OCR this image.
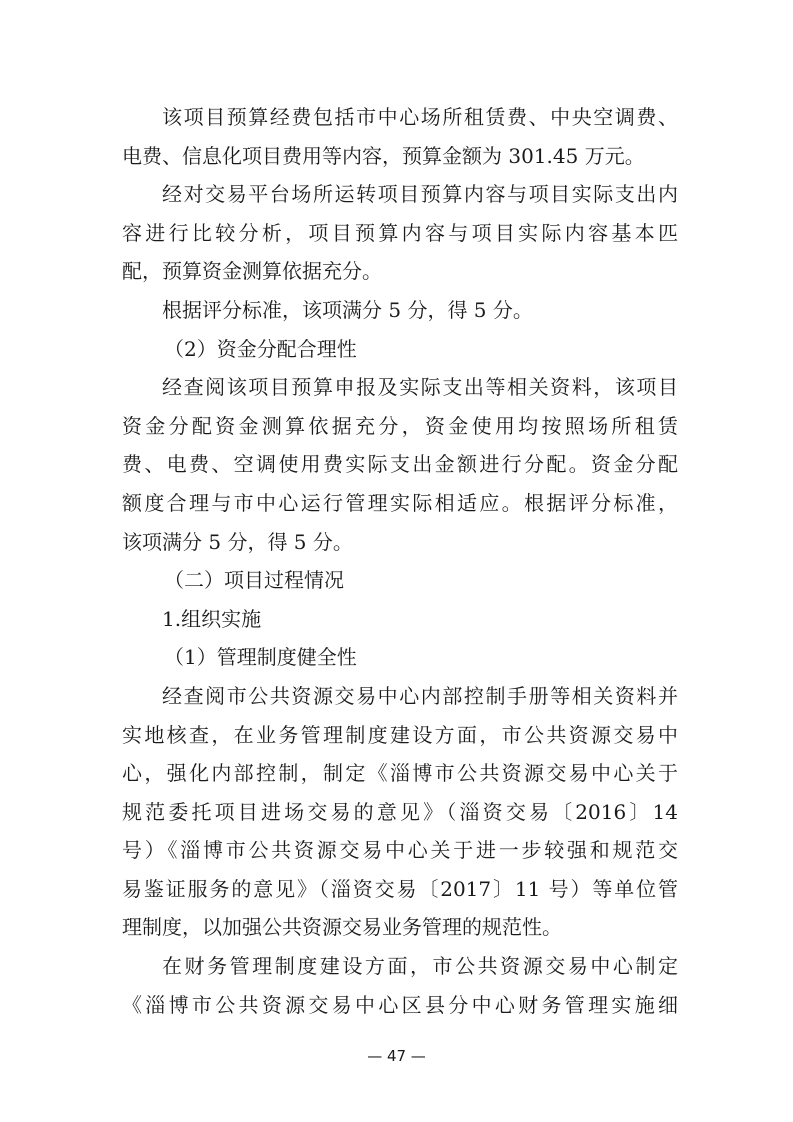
该项目预算经费包括市中心场所租赁费、中央空调费、
电费、信息化项目费用等内容，预算金额为 301.45 万元。
经对交易平台场所运转项目预算内容与项目实际支出内
容进行比较分析，项目预算内容与项目实际内容基本匹
配，预算资金测算依据充分。
根据评分标准，该项满分 5 分，得 5 分。
（2）资金分配合理性
经查阅该项目预算申报及实际支出等相关资料，该项目
资金分配资金测算依据充分，资金使用均按照场所租赁
费、电费、空调使用费实际支出金额进行分配。资金分配
额度合理与市中心运行管理实际相适应。根据评分标准，
该项满分 5 分，得 5 分。
（二）项目过程情况
1.组织实施
（1）管理制度健全性
经查阅市公共资源交易中心内部控制手册等相关资料并
实地核查，在业务管理制度建设方面，市公共资源交易中
心，强化内部控制，制定《淄博市公共资源交易中心关于
规范委托项目进场交易的意见》（淄资交易〔2016〕14
号）《淄博市公共资源交易中心关于进一步较强和规范交
易鉴证服务的意见》（淄资交易〔2017〕11 号）等单位管
理制度，以加强公共资源交易业务管理的规范性。
在财务管理制度建设方面，市公共资源交易中心制定
《淄博市公共资源交易中心区县分中心财务管理实施细
— 47 —
